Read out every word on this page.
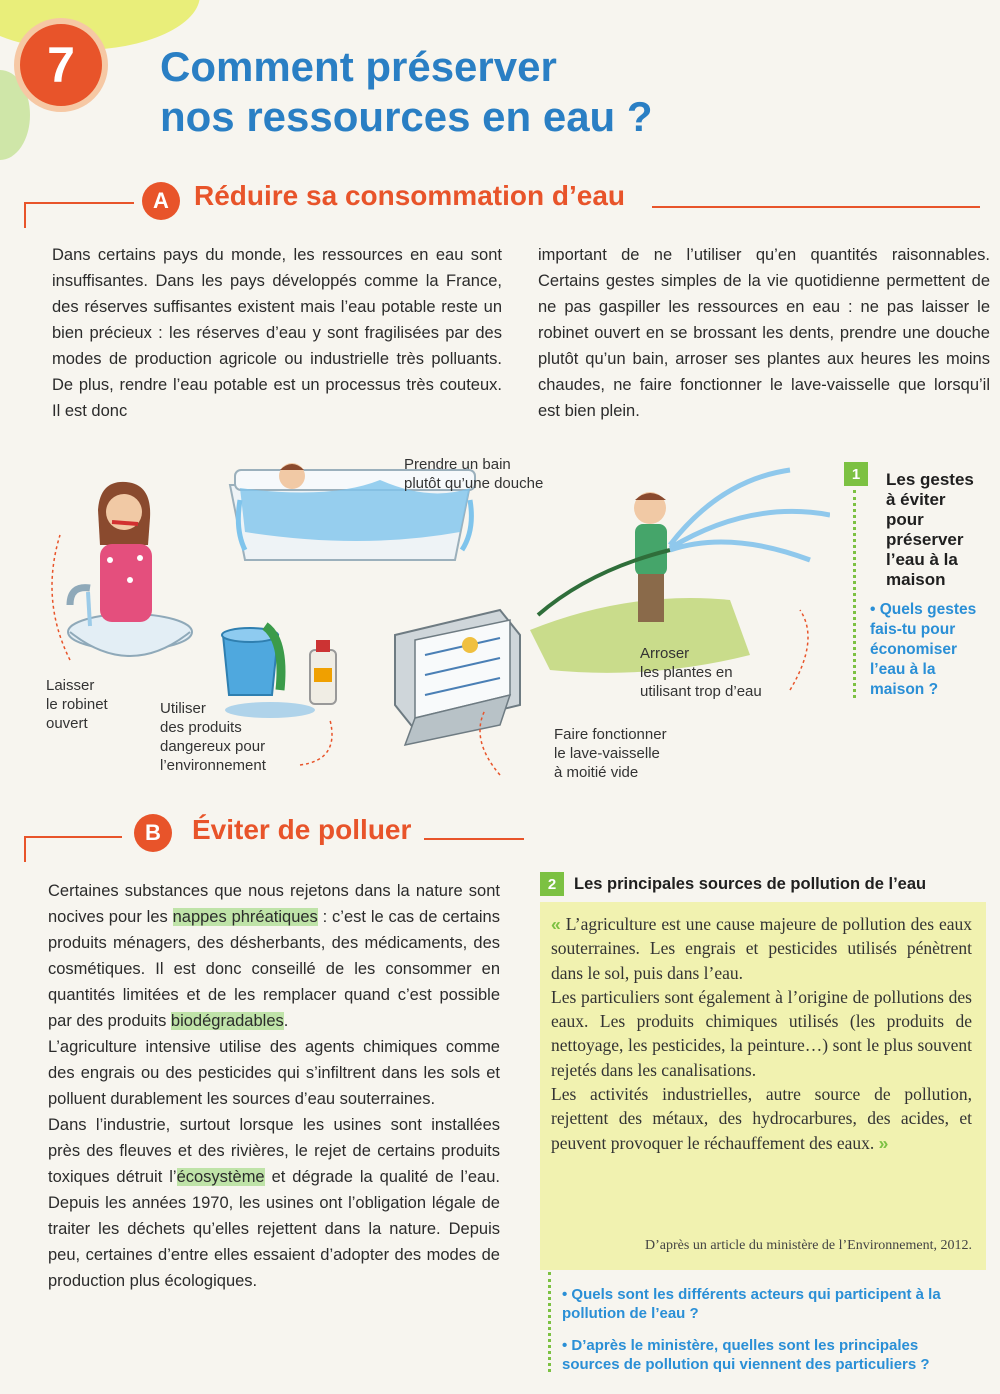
7	Comment préserver
nos ressources en eau ?
A Réduire sa consommation d’eau

Dans certains pays du monde, les ressources en eau sont insuffisantes. Dans les pays développés comme la France, des réserves suffisantes existent mais l’eau potable reste un bien précieux : les réserves d’eau y sont fragilisées par des modes de production agricole ou industrielle très polluants. De plus, rendre l’eau potable est un processus très couteux. Il est donc

important de ne l’utiliser qu’en quantités raisonnables. Certains gestes simples de la vie quotidienne permettent de ne pas gaspiller les ressources en eau : ne pas laisser le robinet ouvert en se brossant les dents, prendre une douche plutôt qu’un bain, arroser ses plantes aux heures les moins chaudes, ne faire fonctionner le lave-vaisselle que lorsqu’il est bien plein.

Prendre un bain
plutôt qu’une douche
Laisser
le robinet
ouvert
Utiliser
des produits
dangereux pour
l’environnement
Faire fonctionner
le lave-vaisselle
à moitié vide
Arroser
les plantes en
utilisant trop d’eau
1	Les gestes
à éviter
pour
préserver
l’eau à la
maison
• Quels gestes
fais-tu pour
économiser
l’eau à la
maison ?
B	Éviter de polluer

Certaines substances que nous rejetons dans la nature sont nocives pour les nappes phréatiques : c’est le cas de certains produits ménagers, des désherbants, des médicaments, des cosmétiques. Il est donc conseillé de les consommer en quantités limitées et de les remplacer quand c’est possible par des produits biodégradables.

L’agriculture intensive utilise des agents chimiques comme des engrais ou des pesticides qui s’infiltrent dans les sols et polluent durablement les sources d’eau souterraines.

Dans l’industrie, surtout lorsque les usines sont installées près des fleuves et des rivières, le rejet de certains produits toxiques détruit l’écosystème et dégrade la qualité de l’eau. Depuis les années 1970, les usines ont l’obligation légale de traiter les déchets qu’elles rejettent dans la nature. Depuis peu, certaines d’entre elles essaient d’adopter des modes de production plus écologiques.

2	Les principales sources de pollution de l’eau

« L’agriculture est une cause majeure de pollution des eaux souterraines. Les engrais et pesticides utilisés pénètrent dans le sol, puis dans l’eau.

Les particuliers sont également à l’origine de pollutions des eaux. Les produits chimiques utilisés (les produits de nettoyage, les pesticides, la peinture…) sont le plus souvent rejetés dans les canalisations.

Les activités industrielles, autre source de pollution, rejettent des métaux, des hydrocarbures, des acides, et peuvent provoquer le réchauffement des eaux. »

D’après un article du ministère de l’Environnement, 2012.
• Quels sont les différents acteurs qui participent à la pollution de l’eau ?
• D’après le ministère, quelles sont les principales sources de pollution qui viennent des particuliers ?
